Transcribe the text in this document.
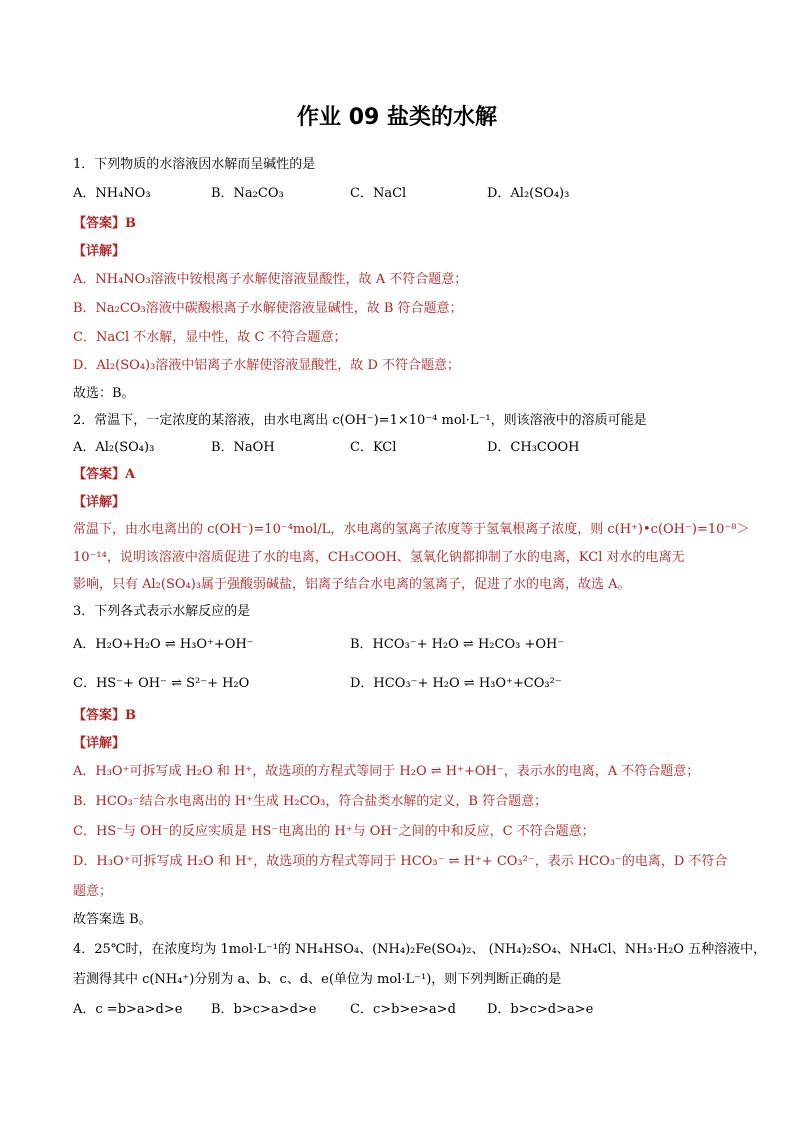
作业 09 盐类的水解
1．下列物质的水溶液因水解而呈碱性的是
A．NH₄NO₃	B．Na₂CO₃	C．NaCl	D．Al₂(SO₄)₃
【答案】B
【详解】
A．NH₄NO₃溶液中铵根离子水解使溶液显酸性，故 A 不符合题意；
B．Na₂CO₃溶液中碳酸根离子水解使溶液显碱性，故 B 符合题意；
C．NaCl 不水解，显中性，故 C 不符合题意；
D．Al₂(SO₄)₃溶液中铝离子水解使溶液显酸性，故 D 不符合题意；
故选：B。
2．常温下，一定浓度的某溶液，由水电离出 c(OH⁻)=1×10⁻⁴ mol·L⁻¹，则该溶液中的溶质可能是
A．Al₂(SO₄)₃	B．NaOH	C．KCl	D．CH₃COOH
【答案】A
【详解】
常温下，由水电离出的 c(OH⁻)=10⁻⁴mol/L，水电离的氢离子浓度等于氢氧根离子浓度，则 c(H⁺)•c(OH⁻)=10⁻⁸＞
10⁻¹⁴，说明该溶液中溶质促进了水的电离，CH₃COOH、氢氧化钠都抑制了水的电离，KCl 对水的电离无
影响，只有 Al₂(SO₄)₃属于强酸弱碱盐，铝离子结合水电离的氢离子，促进了水的电离，故选 A。
3．下列各式表示水解反应的是
A．H₂O+H₂O ⇌ H₃O⁺+OH⁻	B．HCO₃⁻+ H₂O ⇌ H₂CO₃ +OH⁻
C．HS⁻+ OH⁻ ⇌ S²⁻+ H₂O	D．HCO₃⁻+ H₂O ⇌ H₃O⁺+CO₃²⁻
【答案】B
【详解】
A．H₃O⁺可拆写成 H₂O 和 H⁺，故选项的方程式等同于 H₂O ⇌ H⁺+OH⁻，表示水的电离，A 不符合题意；
B．HCO₃⁻结合水电离出的 H⁺生成 H₂CO₃，符合盐类水解的定义，B 符合题意；
C．HS⁻与 OH⁻的反应实质是 HS⁻电离出的 H⁺与 OH⁻之间的中和反应，C 不符合题意；
D．H₃O⁺可拆写成 H₂O 和 H⁺，故选项的方程式等同于 HCO₃⁻ ⇌ H⁺+ CO₃²⁻，表示 HCO₃⁻的电离，D 不符合
题意；
故答案选 B。
4．25℃时，在浓度均为 1mol·L⁻¹的 NH₄HSO₄、(NH₄)₂Fe(SO₄)₂、 (NH₄)₂SO₄、NH₄Cl、NH₃·H₂O 五种溶液中，
若测得其中 c(NH₄⁺)分别为 a、b、c、d、e(单位为 mol·L⁻¹)，则下列判断正确的是
A．c =b>a>d>e B．b>c>a>d>e	C．c>b>e>a>d D．b>c>d>a>e
